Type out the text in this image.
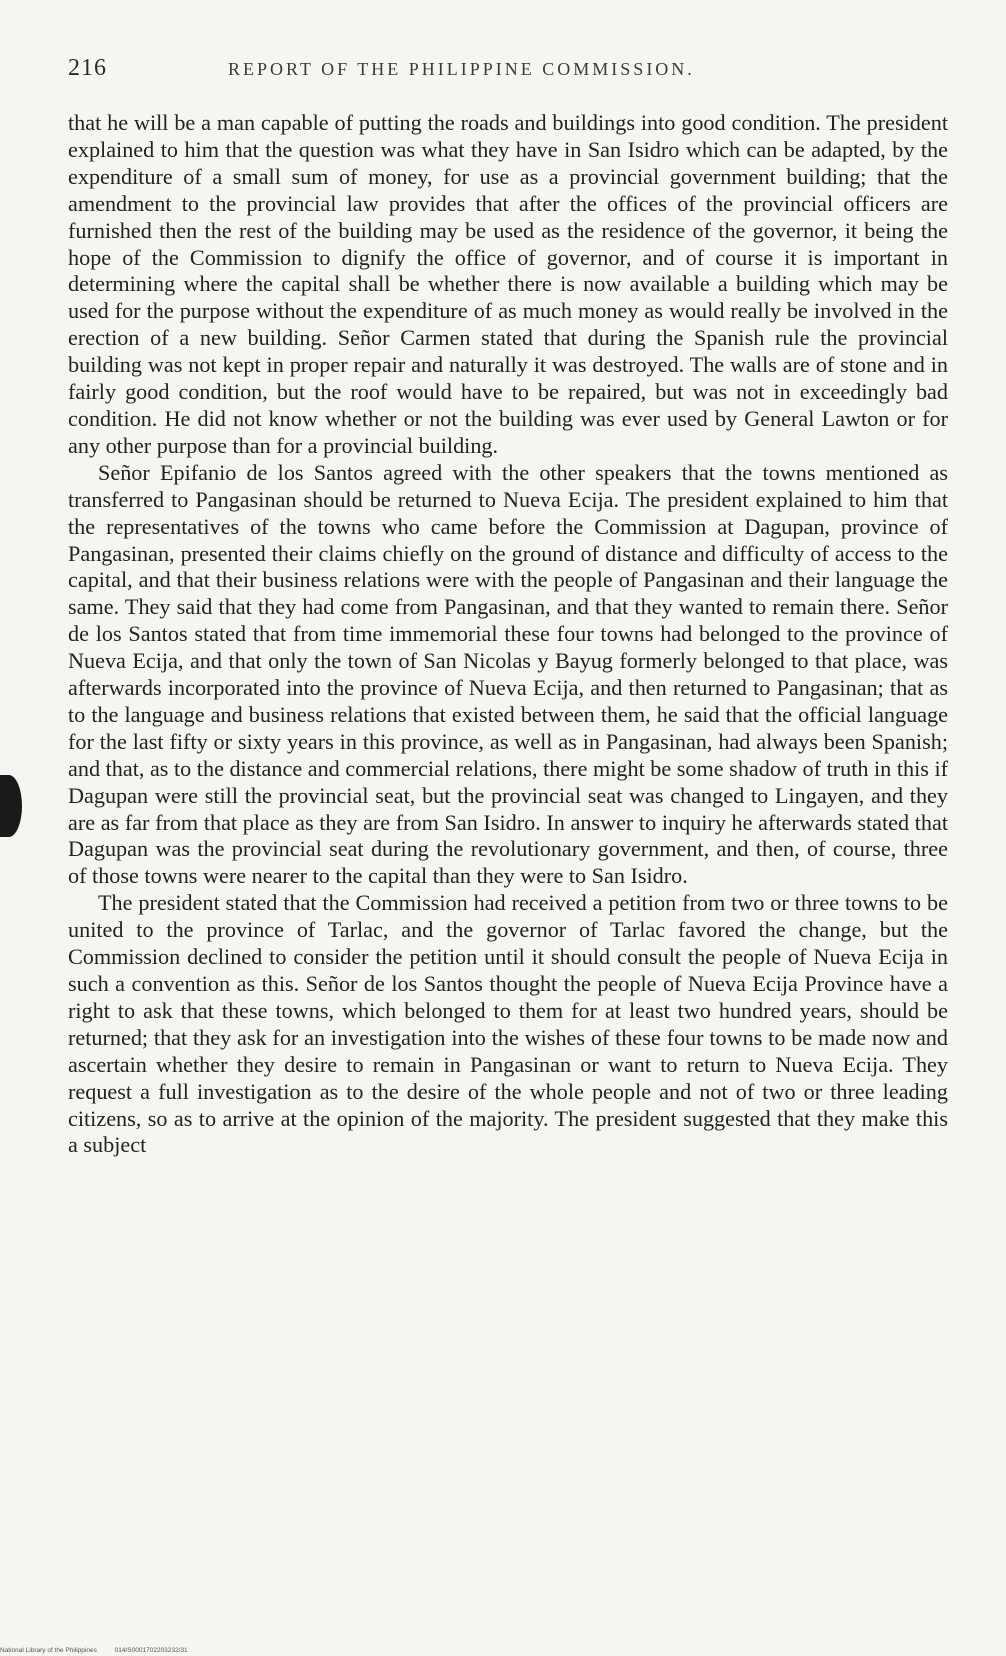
216	REPORT OF THE PHILIPPINE COMMISSION.

that he will be a man capable of putting the roads and buildings into good condition. The president explained to him that the question was what they have in San Isidro which can be adapted, by the expenditure of a small sum of money, for use as a provincial government building; that the amendment to the provincial law provides that after the offices of the provincial officers are furnished then the rest of the building may be used as the residence of the governor, it being the hope of the Commission to dignify the office of governor, and of course it is important in determining where the capital shall be whether there is now available a building which may be used for the purpose without the expenditure of as much money as would really be involved in the erection of a new building. Señor Carmen stated that during the Spanish rule the provincial building was not kept in proper repair and naturally it was destroyed. The walls are of stone and in fairly good condition, but the roof would have to be repaired, but was not in exceedingly bad condition. He did not know whether or not the building was ever used by General Lawton or for any other purpose than for a provincial building.

Señor Epifanio de los Santos agreed with the other speakers that the towns mentioned as transferred to Pangasinan should be returned to Nueva Ecija. The president explained to him that the representatives of the towns who came before the Commission at Dagupan, province of Pangasinan, presented their claims chiefly on the ground of distance and difficulty of access to the capital, and that their business relations were with the people of Pangasinan and their language the same. They said that they had come from Pangasinan, and that they wanted to remain there. Señor de los Santos stated that from time immemorial these four towns had belonged to the province of Nueva Ecija, and that only the town of San Nicolas y Bayug formerly belonged to that place, was afterwards incorporated into the province of Nueva Ecija, and then returned to Pangasinan; that as to the language and business relations that existed between them, he said that the official language for the last fifty or sixty years in this province, as well as in Pangasinan, had always been Spanish; and that, as to the distance and commercial relations, there might be some shadow of truth in this if Dagupan were still the provincial seat, but the provincial seat was changed to Lingayen, and they are as far from that place as they are from San Isidro. In answer to inquiry he afterwards stated that Dagupan was the provincial seat during the revolutionary government, and then, of course, three of those towns were nearer to the capital than they were to San Isidro.

The president stated that the Commission had received a petition from two or three towns to be united to the province of Tarlac, and the governor of Tarlac favored the change, but the Commission declined to consider the petition until it should consult the people of Nueva Ecija in such a convention as this. Señor de los Santos thought the people of Nueva Ecija Province have a right to ask that these towns, which belonged to them for at least two hundred years, should be returned; that they ask for an investigation into the wishes of these four towns to be made now and ascertain whether they desire to remain in Pangasinan or want to return to Nueva Ecija. They request a full investigation as to the desire of the whole people and not of two or three leading citizens, so as to arrive at the opinion of the majority. The president suggested that they make this a subject

National Library of the Philippines	014/S0001702203232/31
